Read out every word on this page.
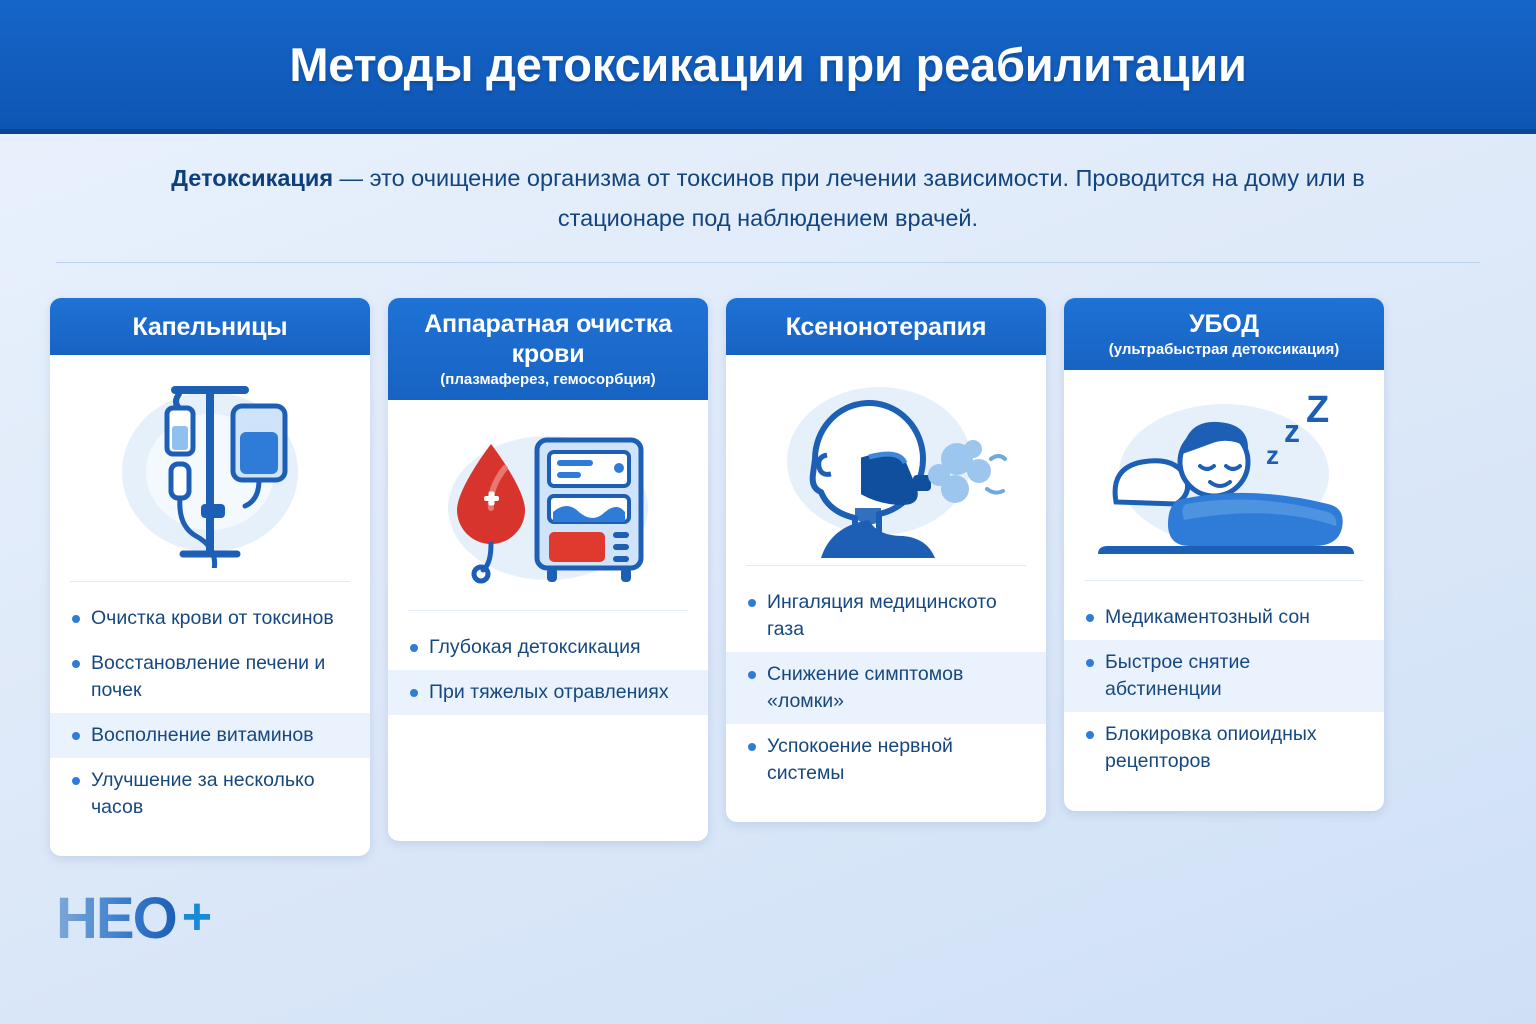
Методы детоксикации при реабилитации
Детоксикация — это очищение организма от токсинов при лечении зависимости. Проводится на дому или в стационаре под наблюдением врачей.
Капельницы
Очистка крови от токсинов
Восстановление печени и почек
Восполнение витаминов
Улучшение за несколько часов
Аппаратная очистка крови
(плазмаферез, гемосорбция)
Глубокая детоксикация
При тяжелых отравлениях
Ксенонотерапия
Ингаляция медицинското газа
Снижение симптомов «ломки»
Успокоение нервной системы
УБОД
(ультрабыстрая детоксикация)
z
z Z
Медикаментозный сон
Быстрое снятие абстиненции
Блокировка опиоидных рецепторов
HEO +
